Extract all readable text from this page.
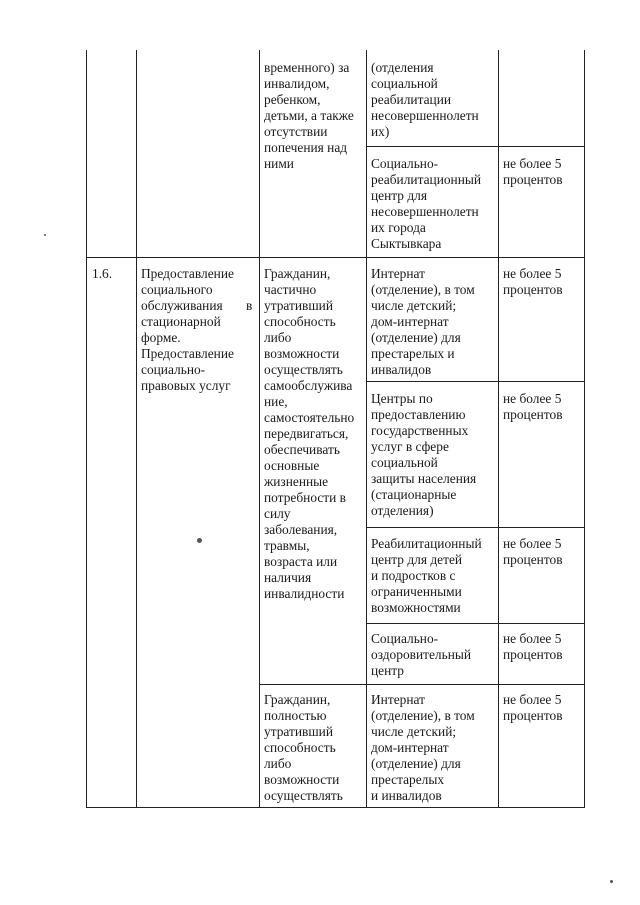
временного) за
инвалидом,
ребенком,
детьми, а также
отсутствии
попечения над
ними
(отделения
социальной
реабилитации
несовершеннолетн
их)
Социально-
реабилитационный
центр для
несовершеннолетн
их города
Сыктывкара
не более 5
процентов
1.6. Предоставление
социального
обслуживания	в
стационарной
форме.
Предоставление
социально-
правовых услуг
Гражданин,
частично
утративший
способность
либо
возможности
осуществлять
самообслужива
ние,
самостоятельно
передвигаться,
обеспечивать
основные
жизненные
потребности в
силу
заболевания,
травмы,
возраста или
наличия
инвалидности
Интернат
(отделение), в том
числе детский;
дом-интернат
(отделение) для
престарелых и
инвалидов
не более 5
процентов
Центры по
предоставлению
государственных
услуг в сфере
социальной
защиты населения
(стационарные
отделения)
не более 5
процентов
Реабилитационный
центр для детей
и подростков с
ограниченными
возможностями
не более 5
процентов
Социально-
оздоровительный
центр
не более 5
процентов
Гражданин,
полностью
утративший
способность
либо
возможности
осуществлять
Интернат
(отделение), в том
числе детский;
дом-интернат
(отделение) для
престарелых
и инвалидов
не более 5
процентов
